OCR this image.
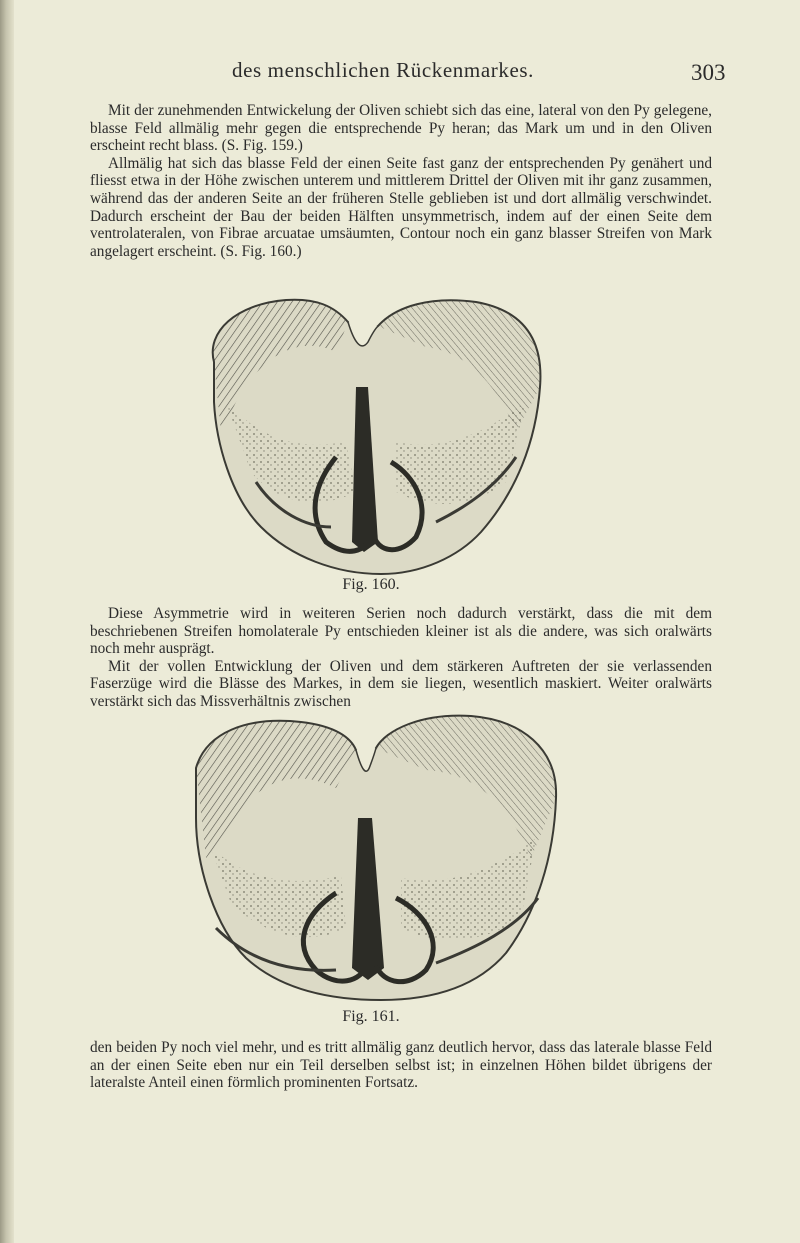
des menschlichen Rückenmarkes.	303

Mit der zunehmenden Entwickelung der Oliven schiebt sich das eine, lateral von den Py gelegene, blasse Feld allmälig mehr gegen die entsprechende Py heran; das Mark um und in den Oliven erscheint recht blass. (S. Fig. 159.)

Allmälig hat sich das blasse Feld der einen Seite fast ganz der entsprechenden Py genähert und fliesst etwa in der Höhe zwischen unterem und mittlerem Drittel der Oliven mit ihr ganz zusammen, während das der anderen Seite an der früheren Stelle geblieben ist und dort allmälig verschwindet. Dadurch erscheint der Bau der beiden Hälften unsymmetrisch, indem auf der einen Seite dem ventrolateralen, von Fibrae arcuatae umsäumten, Contour noch ein ganz blasser Streifen von Mark angelagert erscheint. (S. Fig. 160.)

Fig. 160.

Diese Asymmetrie wird in weiteren Serien noch dadurch verstärkt, dass die mit dem beschriebenen Streifen homolaterale Py entschieden kleiner ist als die andere, was sich oralwärts noch mehr ausprägt.

Mit der vollen Entwicklung der Oliven und dem stärkeren Auftreten der sie verlassenden Faserzüge wird die Blässe des Markes, in dem sie liegen, wesentlich maskiert. Weiter oralwärts verstärkt sich das Missverhältnis zwischen

Fig. 161.

den beiden Py noch viel mehr, und es tritt allmälig ganz deutlich hervor, dass das laterale blasse Feld an der einen Seite eben nur ein Teil derselben selbst ist; in einzelnen Höhen bildet übrigens der lateralste Anteil einen förmlich prominenten Fortsatz.
